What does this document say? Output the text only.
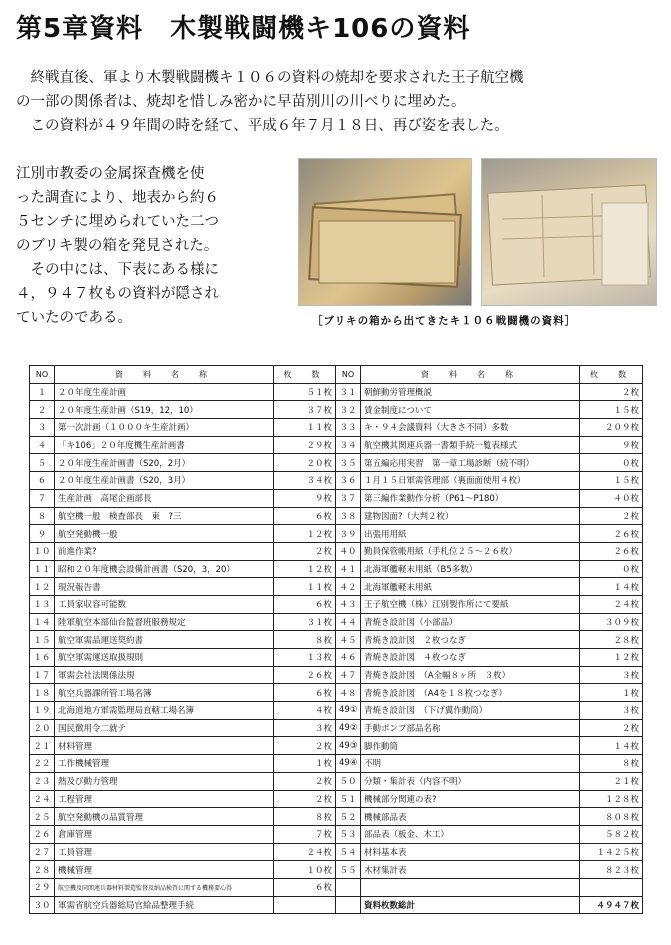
第5章資料　木製戦闘機キ106の資料

　終戦直後、軍より木製戦闘機キ１０６の資料の焼却を要求された王子航空機

の一部の関係者は、焼却を惜しみ密かに早苗別川の川べりに埋めた。

　この資料が４９年間の時を経て、平成６年７月１８日、再び姿を表した。

江別市教委の金属探査機を使

った調査により、地表から約６

５センチに埋められていた二つ

のブリキ製の箱を発見された。

　その中には、下表にある様に

４，９４７枚もの資料が隠され

ていたのである。	［ブリキの箱から出てきたキ１０６戦闘機の資料］
NO	資　料　名　称	枚　数	NO	資　料　名　称	枚　数
１	２０年度生産計画	５１枚	３１	朝鮮動労管理概説	２枚
２	２０年度生産計画（S19，12，10）	３７枚	３２	賃金制度について	１５枚
３	第一次計画（１０００キ生産計画）	１１枚	３３	キ・９４会議資料（大きさ不同）多数	２０９枚
４	「キ106」２０年度機生産計画書	２９枚	３４	航空機其関連兵器一書類手続一覧表様式	９枚
５	２０年度生産計画書（S20，2月）	２０枚	３５	第五編応用実習　第一章工場診断（続不明）	０枚
６	２０年度生産計画書（S20，3月）	３４枚	３６	１月１５日軍需管理部（裏面面使用４枚）	１５枚
７	生産計画　高尾企画部長	９枚	３７	第三編作業動作分析（P61～P180）	４０枚
８	航空機一般　検査部長　東　?三	６枚	３８	建物図面?（大判２枚）	２枚
９	航空発動機一般	１２枚	３９	出張用用紙	２６枚
１０	前進作業?	２枚	４０	勤員保管帳用紙（手札位２５～２６枚）	２６枚
１１	昭和２０年度機会設備計画書（S20，3，20）	１２枚	４１	北海軍艦軽末用紙（B5多数）	０枚
１２	現況報告書	１１枚	４２	北海軍艦軽末用紙	１４枚
１３	工員家収容可能数	６枚	４３	王子航空機（株）江別製作所にて要紙	２４枚
１４	陸軍航空本部仙台監督班服務規定	３１枚	４４	青焼き設計図（小部品）	３０９枚
１５	航空軍需品運送契約書	８枚	４５	青焼き設計図　２枚つなぎ	２８枚
１６	航空軍需運送取扱規則	１３枚	４６	青焼き設計図　４枚つなぎ	１２枚
１７	軍需会社法関係法規	２６枚	４７	青焼き設計図　（A全幅８ヶ所　３枚）	３枚
１８	航空兵器課所管工場名簿	６枚	４８	青焼き設計図　（A4を１８枚つなぎ）	１枚
１９	北海道地方軍需監理局直轄工場名簿	４枚	49①	青焼き設計図　（下げ翼作動筒）	３枚
２０	国民徴用令二就テ	３枚	49②	手動ポンプ部品名称	２枚
２１	材料管理	２枚	49③	脚作動筒	１４枚
２２	工作機械管理	１枚	49④	不明	８枚
２３	熱及び動力管理	２枚	５０	分類・集計表（内容不明）	２１枚
２４	工程管理	２枚	５１	機械部分関連の表?	１２８枚
２５	航空発動機の品質管理	８枚	５２	機械部品表	８０８枚
２６	倉庫管理	７枚	５３	部品表（板金、木工）	５８２枚
２７	工員管理	２４枚	５４	材料基本表	１４２５枚
２８	機械管理	１０枚	５５	木材集計表	８２３枚
２９	航空機及同関連兵器材料製造監督及納品検査に関する機務要心得	６枚			
３０	軍需省航空兵器総局官給品整理手続			資料枚数総計	４９４７枚
